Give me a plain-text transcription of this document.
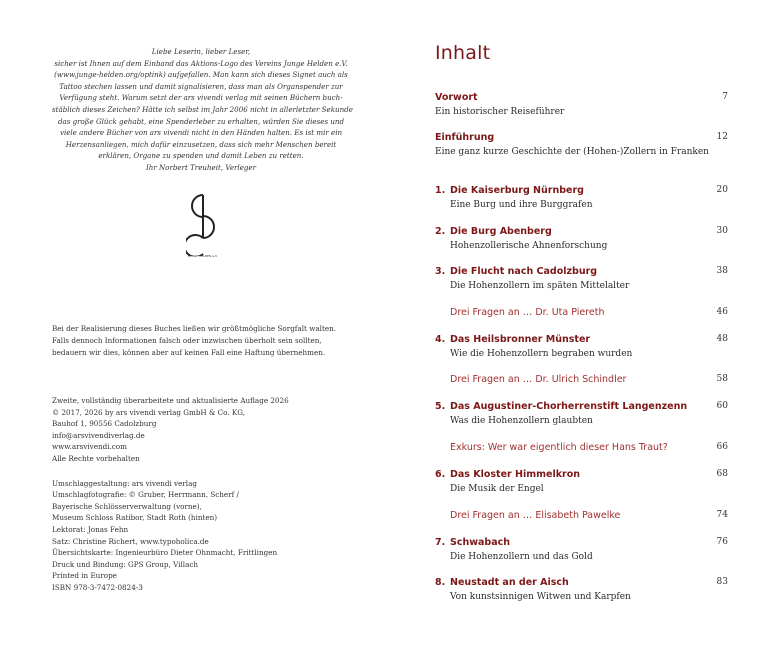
Liebe Leserin, lieber Leser,
sicher ist Ihnen auf dem Einband das Aktions-Logo des Vereins Junge Helden e.V.
(www.junge-helden.org/optink) aufgefallen. Man kann sich dieses Signet auch als
Tattoo stechen lassen und damit signalisieren, dass man als Organspender zur
Verfügung steht. Warum setzt der ars vivendi verlag mit seinen Büchern buch-
stäblich dieses Zeichen? Hätte ich selbst im Jahr 2006 nicht in allerletzter Sekunde
das große Glück gehabt, eine Spenderleber zu erhalten, würden Sie dieses und
viele andere Bücher von ars vivendi nicht in den Händen halten. Es ist mir ein
Herzensanliegen, mich dafür einzusetzen, dass sich mehr Menschen bereit
erklären, Organe zu spenden und damit Leben zu retten.
Ihr Norbert Treuheit, Verleger
JUNGE HELDEN e.V.
Bei der Realisierung dieses Buches ließen wir größtmögliche Sorgfalt walten.
Falls dennoch Informationen falsch oder inzwischen überholt sein sollten,
bedauern wir dies, können aber auf keinen Fall eine Haftung übernehmen.
Zweite, vollständig überarbeitete und aktualisierte Auflage 2026
© 2017, 2026 by ars vivendi verlag GmbH & Co. KG,
Bauhof 1, 90556 Cadolzburg
info@arsvivendiverlag.de
www.arsvivendi.com
Alle Rechte vorbehalten
Umschlaggestaltung: ars vivendi verlag
Umschlagfotografie: © Gruber, Herrmann, Scherf /
Bayerische Schlösserverwaltung (vorne),
Museum Schloss Ratibor, Stadt Roth (hinten)
Lektorat: Jonas Fehn
Satz: Christine Richert, www.typoholica.de
Übersichtskarte: Ingenieurbüro Dieter Ohnmacht, Frittlingen
Druck und Bindung: GPS Group, Villach
Printed in Europe
ISBN 978-3-7472-0824-3
Inhalt
Vorwort	7
Ein historischer Reiseführer
Einführung	12
Eine ganz kurze Geschichte der (Hohen-)Zollern in Franken
1. Die Kaiserburg Nürnberg	20
Eine Burg und ihre Burggrafen
2. Die Burg Abenberg	30
Hohenzollerische Ahnenforschung
3. Die Flucht nach Cadolzburg	38
Die Hohenzollern im späten Mittelalter
Drei Fragen an … Dr. Uta Piereth	46
4. Das Heilsbronner Münster	48
Wie die Hohenzollern begraben wurden
Drei Fragen an … Dr. Ulrich Schindler	58
5. Das Augustiner-Chorherrenstift Langenzenn	60
Was die Hohenzollern glaubten
Exkurs: Wer war eigentlich dieser Hans Traut?	66
6. Das Kloster Himmelkron	68
Die Musik der Engel
Drei Fragen an … Elisabeth Pawelke	74
7. Schwabach	76
Die Hohenzollern und das Gold
8. Neustadt an der Aisch	83
Von kunstsinnigen Witwen und Karpfen
